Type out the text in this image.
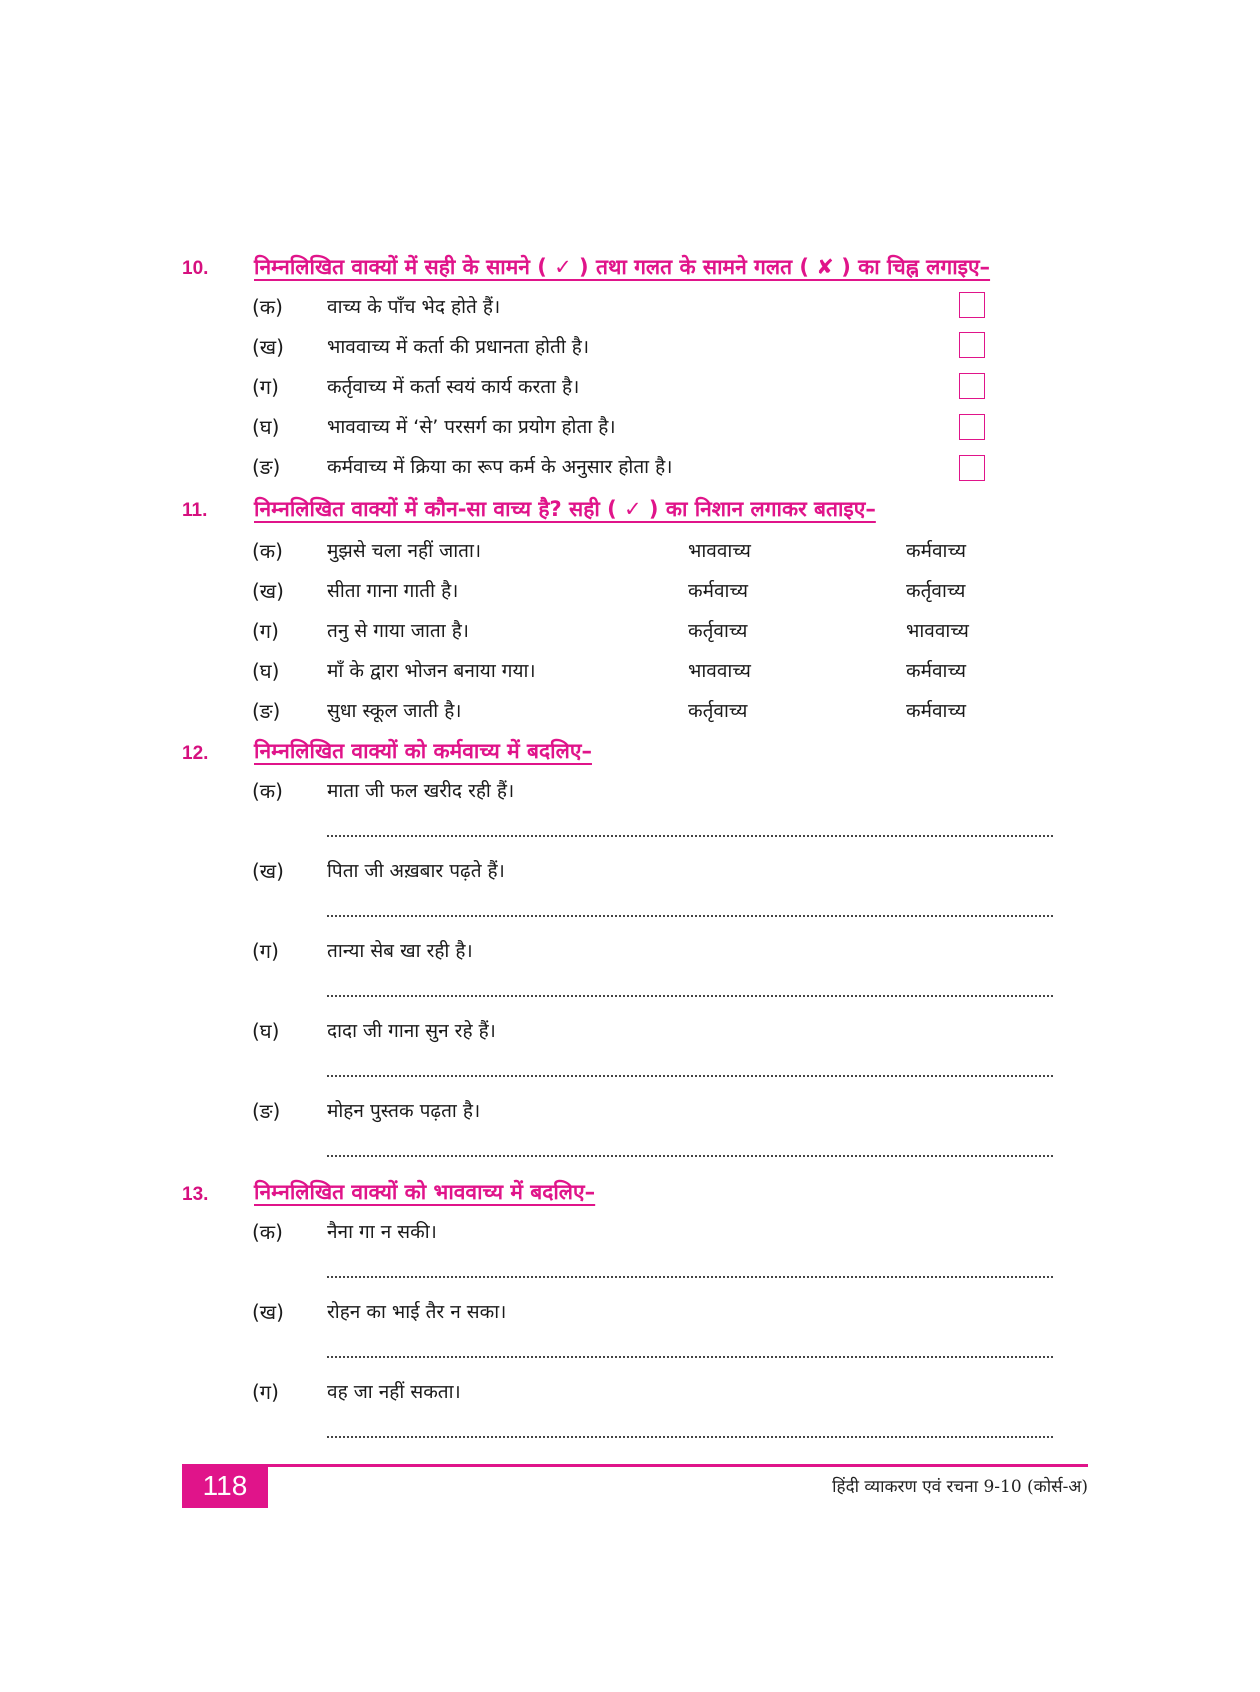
10. निम्नलिखित वाक्यों में सही के सामने ( ✓ ) तथा गलत के सामने गलत ( ✘ ) का चिह्न लगाइए–
(क) वाच्य के पाँच भेद होते हैं।
(ख) भाववाच्य में कर्ता की प्रधानता होती है।
(ग)	कर्तृवाच्य में कर्ता स्वयं कार्य करता है।
(घ)	भाववाच्य में ‘से’ परसर्ग का प्रयोग होता है।
(ङ) कर्मवाच्य में क्रिया का रूप कर्म के अनुसार होता है।
11. निम्नलिखित वाक्यों में कौन-सा वाच्य है? सही ( ✓ ) का निशान लगाकर बताइए–
(क) मुझसे चला नहीं जाता।	भाववाच्य	कर्मवाच्य
(ख) सीता गाना गाती है।	कर्मवाच्य	कर्तृवाच्य
(ग)	तनु से गाया जाता है।	कर्तृवाच्य	भाववाच्य
(घ)	माँ के द्वारा भोजन बनाया गया।	भाववाच्य	कर्मवाच्य
(ङ) सुधा स्कूल जाती है।	कर्तृवाच्य	कर्मवाच्य
12. निम्नलिखित वाक्यों को कर्मवाच्य में बदलिए–
(क) माता जी फल खरीद रही हैं।
(ख) पिता जी अख़बार पढ़ते हैं।
(ग)	तान्या सेब खा रही है।
(घ)	दादा जी गाना सुन रहे हैं।
(ङ) मोहन पुस्तक पढ़ता है।
13. निम्नलिखित वाक्यों को भाववाच्य में बदलिए–
(क) नैना गा न सकी।
(ख) रोहन का भाई तैर न सका।
(ग)	वह जा नहीं सकता।
118	हिंदी व्याकरण एवं रचना 9-10 (कोर्स-अ)
